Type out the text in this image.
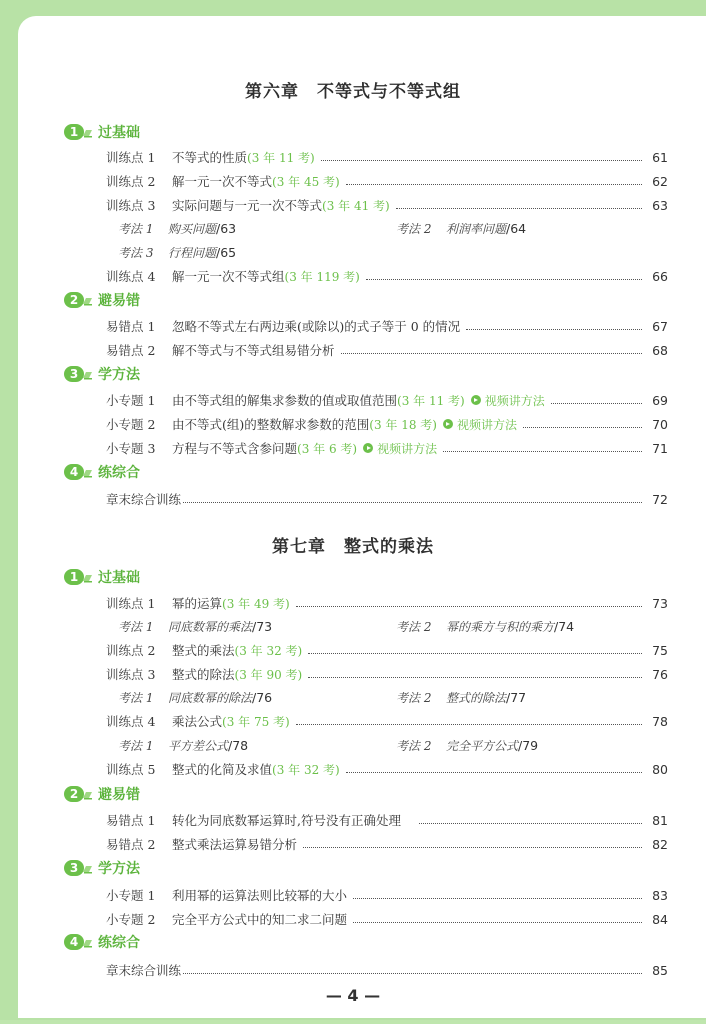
第六章　不等式与不等式组
1	过基础
训练点 1	不等式的性质 (3 年 11 考)	61
训练点 2	解一元一次不等式 (3 年 45 考)	62
训练点 3	实际问题与一元一次不等式 (3 年 41 考)	63
考法 1	购买问题 / 63	考法 2	利润率问题 / 64
考法 3	行程问题 / 65
训练点 4	解一元一次不等式组 (3 年 119 考)	66
2	避易错
易错点 1	忽略不等式左右两边乘(或除以)的式子等于 0 的情况	67
易错点 2	解不等式与不等式组易错分析	68
3	学方法
小专题 1	由不等式组的解集求参数的值或取值范围 (3 年 11 考) 视频讲方法	69
小专题 2	由不等式(组)的整数解求参数的范围 (3 年 18 考) 视频讲方法	70
小专题 3	方程与不等式含参问题 (3 年 6 考) 视频讲方法	71
4	练综合
章末综合训练	72
第七章　整式的乘法
1	过基础
训练点 1	幂的运算 (3 年 49 考)	73
考法 1	同底数幂的乘法 / 73	考法 2	幂的乘方与积的乘方 / 74
训练点 2	整式的乘法 (3 年 32 考)	75
训练点 3	整式的除法 (3 年 90 考)	76
考法 1	同底数幂的除法 / 76	考法 2	整式的除法 / 77
训练点 4	乘法公式 (3 年 75 考)	78
考法 1	平方差公式 / 78	考法 2	完全平方公式 / 79
训练点 5	整式的化简及求值 (3 年 32 考)	80
2	避易错
易错点 1	转化为同底数幂运算时,符号没有正确处理	81
易错点 2	整式乘法运算易错分析	82
3	学方法
小专题 1	利用幂的运算法则比较幂的大小	83
小专题 2	完全平方公式中的知二求二问题	84
4	练综合
章末综合训练	85
— 4 —
